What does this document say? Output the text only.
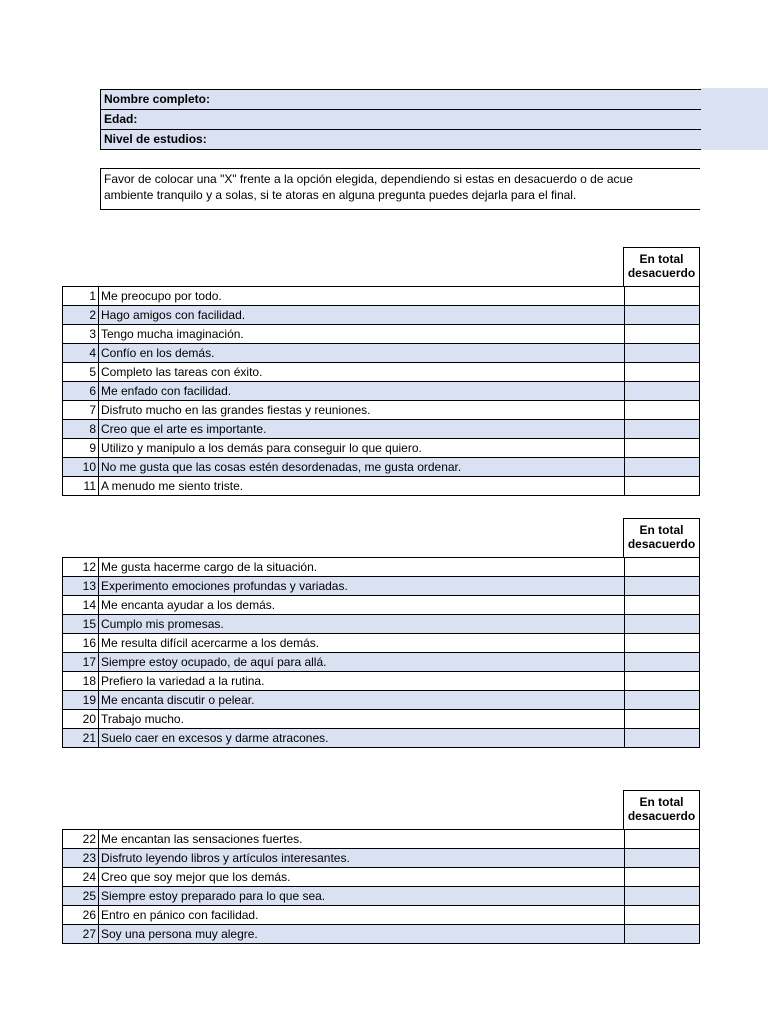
Nombre completo:
Edad:
Nivel de estudios:
Favor de colocar una "X" frente a la opción elegida, dependiendo si estas en desacuerdo o de acue
ambiente tranquilo y a solas, si te atoras en alguna pregunta puedes dejarla para el final.
En total
desacuerdo
1	Me preocupo por todo.	
2	Hago amigos con facilidad.	
3	Tengo mucha imaginación.	
4	Confío en los demás.	
5	Completo las tareas con éxito.	
6	Me enfado con facilidad.	
7	Disfruto mucho en las grandes fiestas y reuniones.	
8	Creo que el arte es importante.	
9	Utilizo y manipulo a los demás para conseguir lo que quiero.	
10	No me gusta que las cosas estén desordenadas, me gusta ordenar.	
11	A menudo me siento triste.	
En total
desacuerdo
12	Me gusta hacerme cargo de la situación.	
13	Experimento emociones profundas y variadas.	
14	Me encanta ayudar a los demás.	
15	Cumplo mis promesas.	
16	Me resulta difícil acercarme a los demás.	
17	Siempre estoy ocupado, de aquí para allá.	
18	Prefiero la variedad a la rutina.	
19	Me encanta discutir o pelear.	
20	Trabajo mucho.	
21	Suelo caer en excesos y darme atracones.	
En total
desacuerdo
22	Me encantan las sensaciones fuertes.	
23	Disfruto leyendo libros y artículos interesantes.	
24	Creo que soy mejor que los demás.	
25	Siempre estoy preparado para lo que sea.	
26	Entro en pánico con facilidad.	
27	Soy una persona muy alegre.	
